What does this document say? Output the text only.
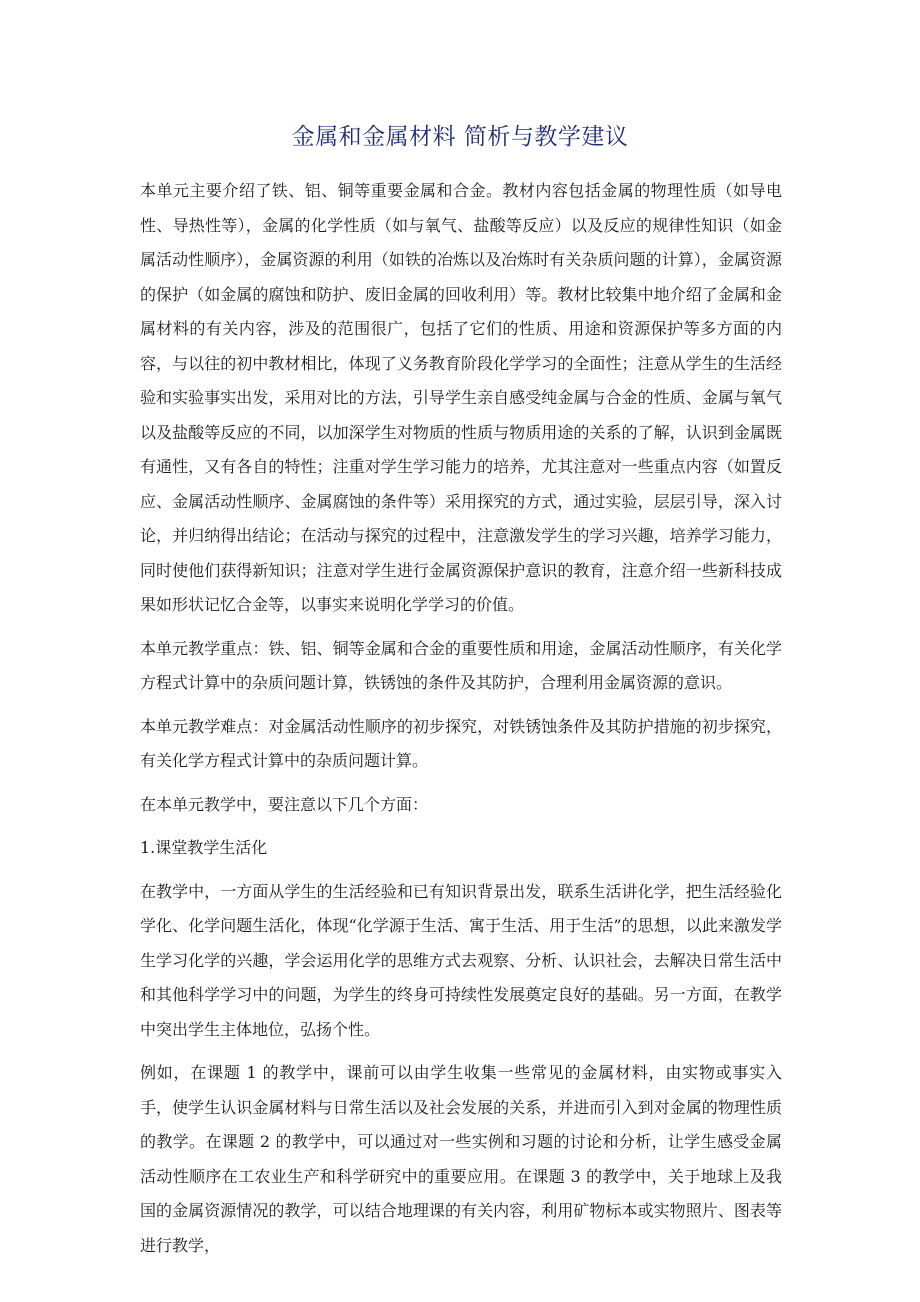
金属和金属材料 简析与教学建议

本单元主要介绍了铁、铝、铜等重要金属和合金。教材内容包括金属的物理性质（如导电性、导热性等），金属的化学性质（如与氧气、盐酸等反应）以及反应的规律性知识（如金属活动性顺序），金属资源的利用（如铁的冶炼以及冶炼时有关杂质问题的计算），金属资源的保护（如金属的腐蚀和防护、废旧金属的回收利用）等。教材比较集中地介绍了金属和金属材料的有关内容，涉及的范围很广，包括了它们的性质、用途和资源保护等多方面的内容，与以往的初中教材相比，体现了义务教育阶段化学学习的全面性；注意从学生的生活经验和实验事实出发，采用对比的方法，引导学生亲自感受纯金属与合金的性质、金属与氧气以及盐酸等反应的不同，以加深学生对物质的性质与物质用途的关系的了解，认识到金属既有通性，又有各自的特性；注重对学生学习能力的培养，尤其注意对一些重点内容（如置反应、金属活动性顺序、金属腐蚀的条件等）采用探究的方式，通过实验，层层引导，深入讨论，并归纳得出结论；在活动与探究的过程中，注意激发学生的学习兴趣，培养学习能力，同时使他们获得新知识；注意对学生进行金属资源保护意识的教育，注意介绍一些新科技成果如形状记忆合金等，以事实来说明化学学习的价值。

本单元教学重点：铁、铝、铜等金属和合金的重要性质和用途，金属活动性顺序，有关化学方程式计算中的杂质问题计算，铁锈蚀的条件及其防护，合理利用金属资源的意识。

本单元教学难点：对金属活动性顺序的初步探究，对铁锈蚀条件及其防护措施的初步探究，有关化学方程式计算中的杂质问题计算。

在本单元教学中，要注意以下几个方面：

1.课堂教学生活化

在教学中，一方面从学生的生活经验和已有知识背景出发，联系生活讲化学，把生活经验化学化、化学问题生活化，体现“化学源于生活、寓于生活、用于生活”的思想，以此来激发学生学习化学的兴趣，学会运用化学的思维方式去观察、分析、认识社会，去解决日常生活中和其他科学学习中的问题，为学生的终身可持续性发展奠定良好的基础。另一方面，在教学中突出学生主体地位，弘扬个性。

例如，在课题 1 的教学中，课前可以由学生收集一些常见的金属材料，由实物或事实入手，使学生认识金属材料与日常生活以及社会发展的关系，并进而引入到对金属的物理性质的教学。在课题 2 的教学中，可以通过对一些实例和习题的讨论和分析，让学生感受金属活动性顺序在工农业生产和科学研究中的重要应用。在课题 3 的教学中，关于地球上及我国的金属资源情况的教学，可以结合地理课的有关内容，利用矿物标本或实物照片、图表等进行教学，
